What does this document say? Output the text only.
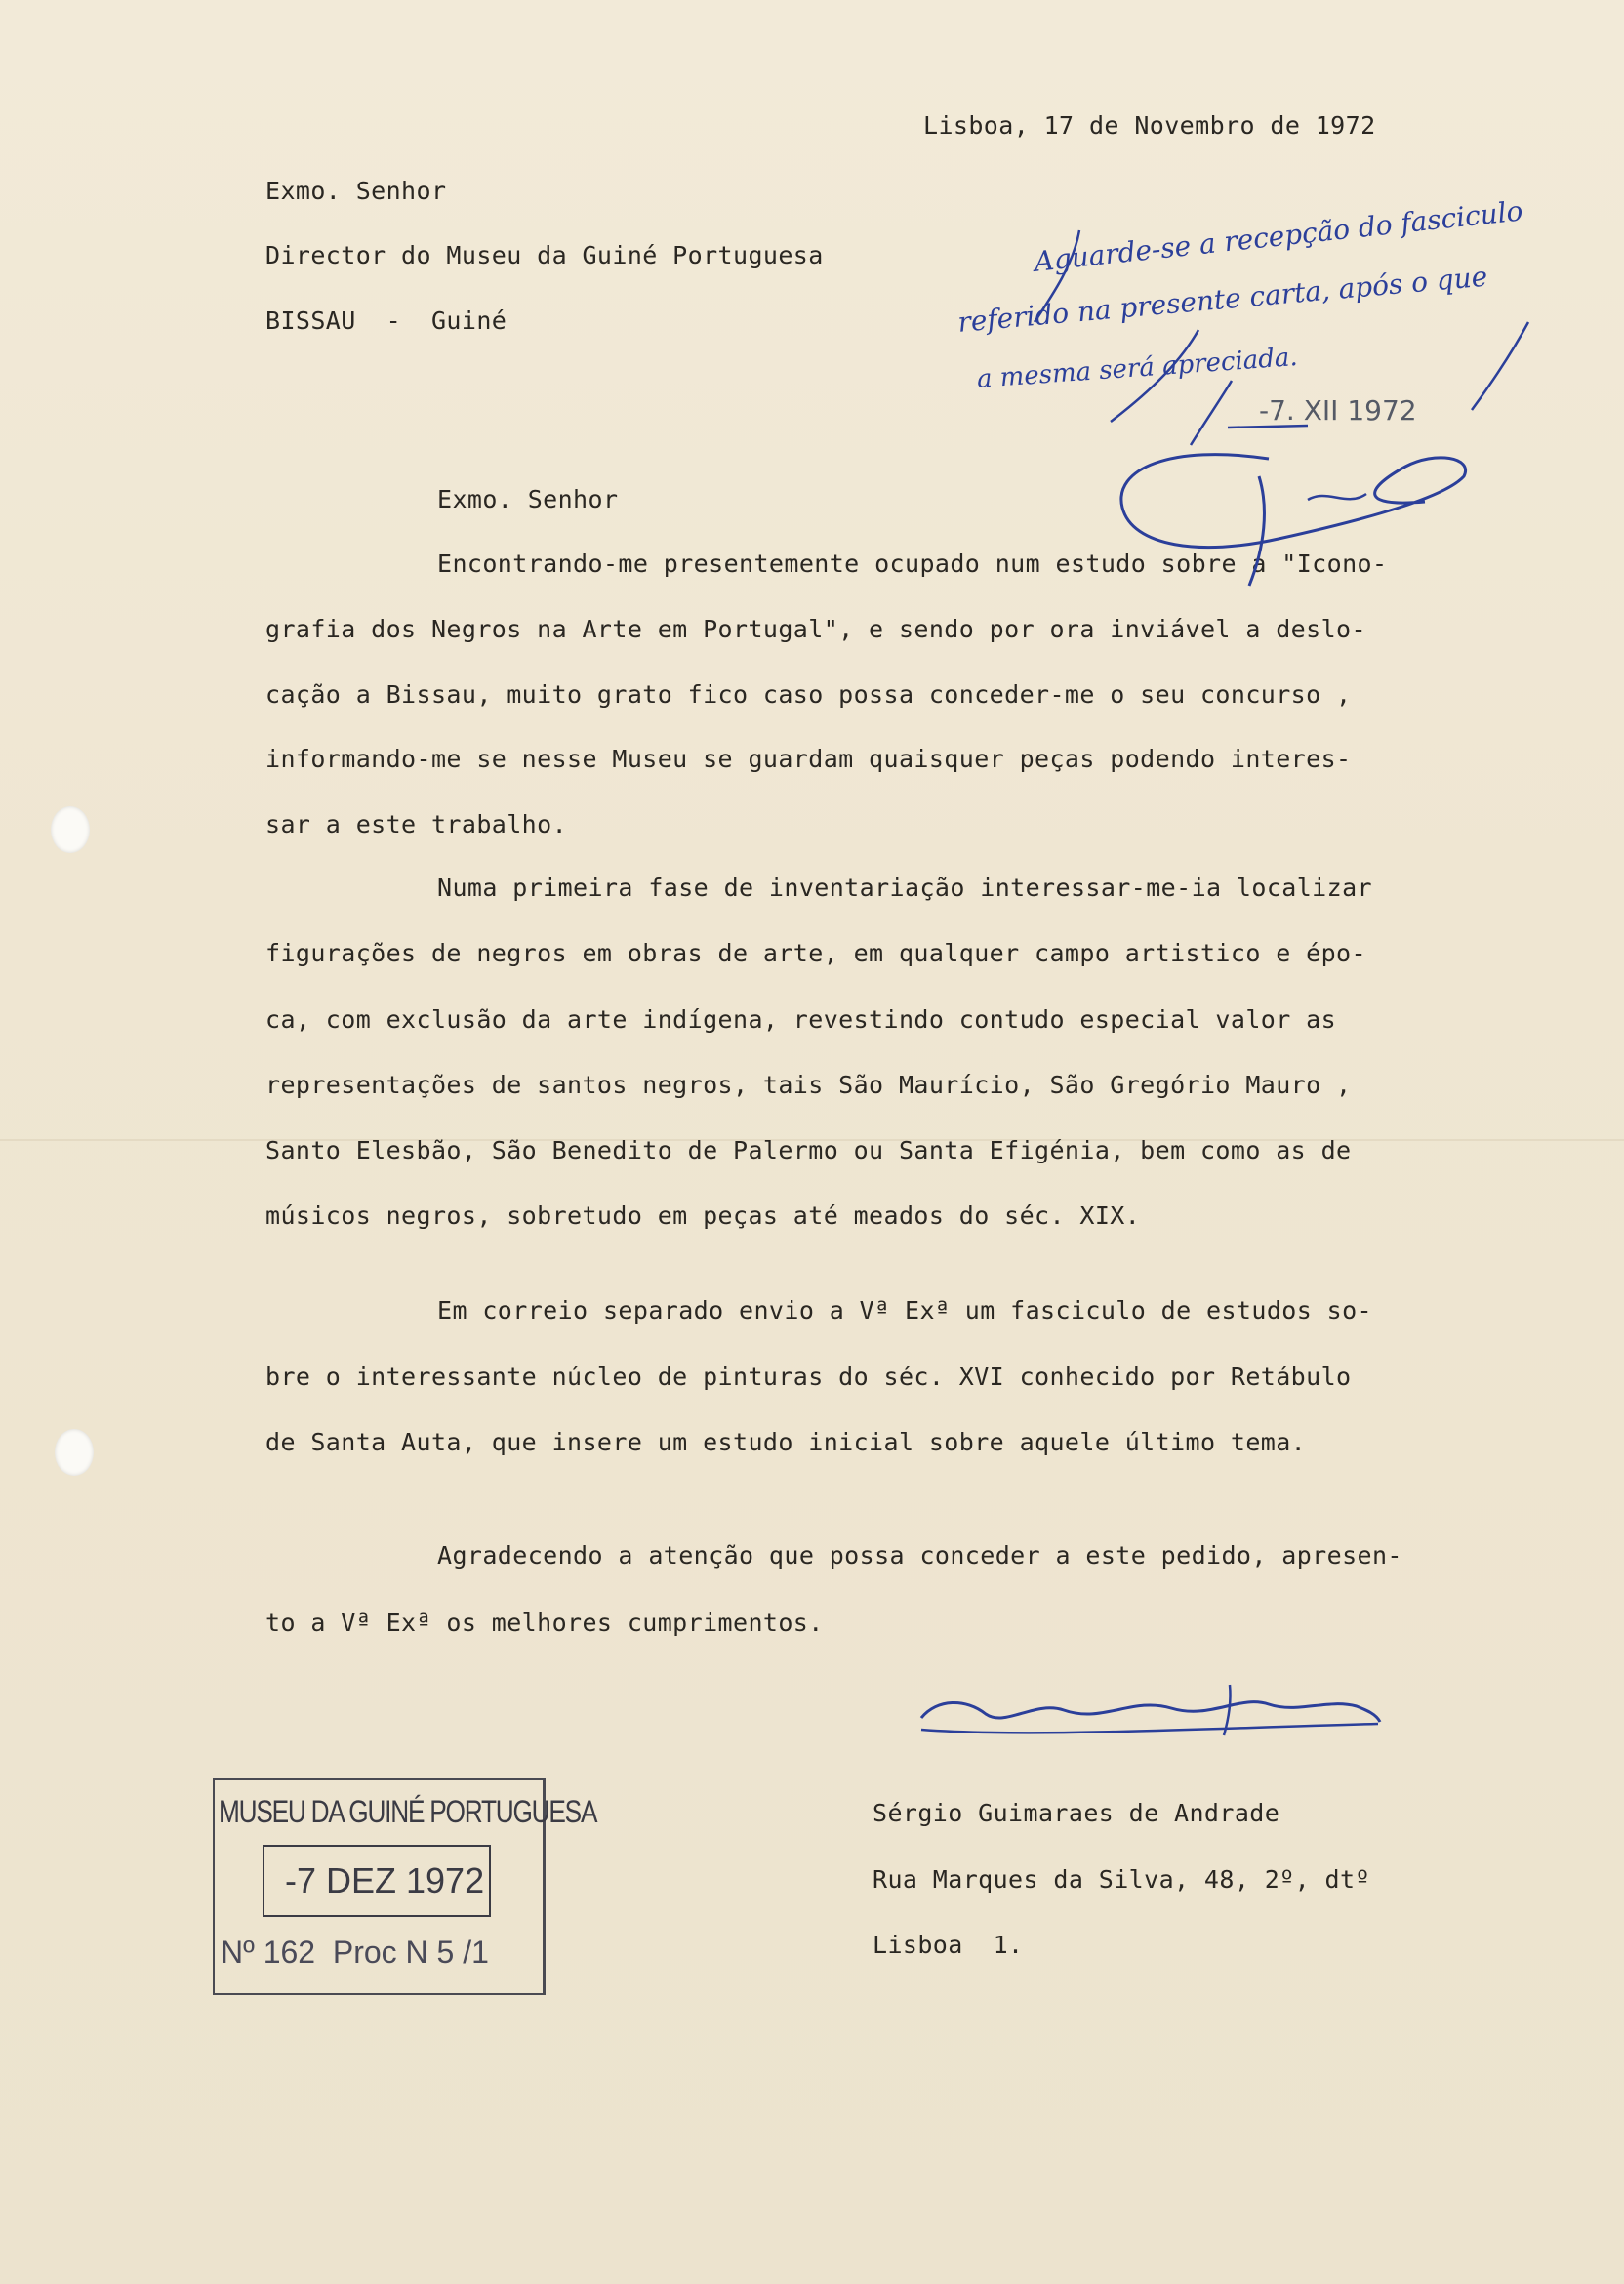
Lisboa, 17 de Novembro de 1972
Exmo. Senhor
Director do Museu da Guiné Portuguesa
BISSAU  -  Guiné
Exmo. Senhor
Encontrando-me presentemente ocupado num estudo sobre a "Icono-
grafia dos Negros na Arte em Portugal", e sendo por ora inviável a deslo-
cação a Bissau, muito grato fico caso possa conceder-me o seu concurso ,
informando-me se nesse Museu se guardam quaisquer peças podendo interes-
sar a este trabalho.
Numa primeira fase de inventariação interessar-me-ia localizar
figurações de negros em obras de arte, em qualquer campo artistico e épo-
ca, com exclusão da arte indígena, revestindo contudo especial valor as
representações de santos negros, tais São Maurício, São Gregório Mauro ,
Santo Elesbão, São Benedito de Palermo ou Santa Efigénia, bem como as de
músicos negros, sobretudo em peças até meados do séc. XIX.
Em correio separado envio a Vª Exª um fasciculo de estudos so-
bre o interessante núcleo de pinturas do séc. XVI conhecido por Retábulo
de Santa Auta, que insere um estudo inicial sobre aquele último tema.
Agradecendo a atenção que possa conceder a este pedido, apresen-
to a Vª Exª os melhores cumprimentos.
Sérgio Guimaraes de Andrade
Rua Marques da Silva, 48, 2º, dtº
Lisboa  1.
Aguarde-se a recepção do fasciculo
referido na presente carta, após o que
a mesma será apreciada.
-7. XII 1972
MUSEU DA GUINÉ PORTUGUESA
-7 DEZ 1972
Nº 162  Proc N 5 /1
